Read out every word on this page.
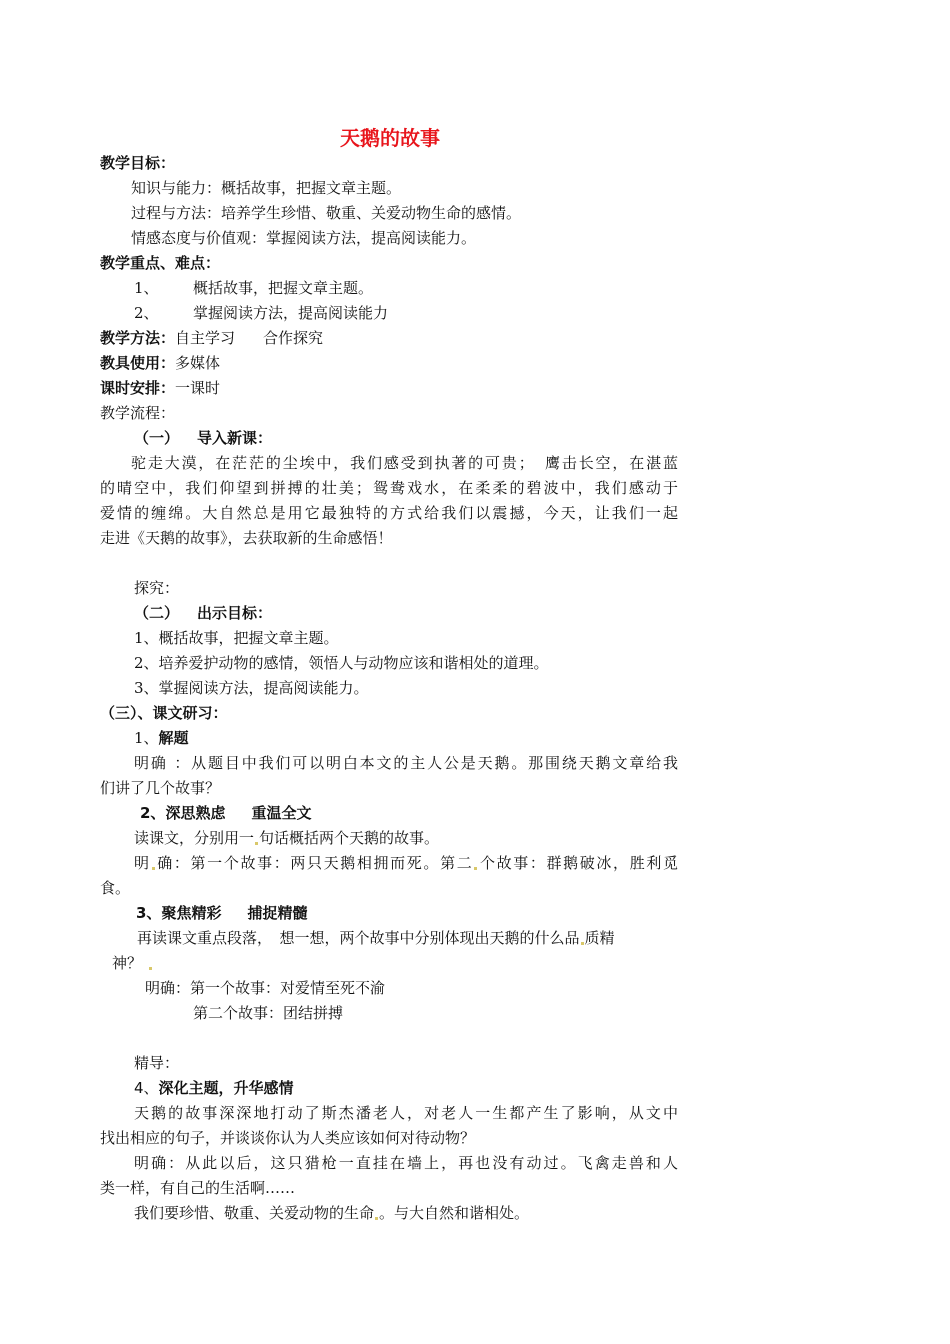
天鹅的故事
教学目标：
知识与能力：概括故事，把握文章主题。
过程与方法：培养学生珍惜、敬重、关爱动物生命的感情。
情感态度与价值观：掌握阅读方法，提高阅读能力。
教学重点、难点：
1、 概括故事，把握文章主题。
2、 掌握阅读方法，提高阅读能力
教学方法：自主学习 合作探究
教具使用：多媒体
课时安排：一课时
教学流程：
（一） 导入新课：
驼走大漠，在茫茫的尘埃中，我们感受到执著的可贵；　鹰击长空，在湛蓝
的晴空中，我们仰望到拼搏的壮美；鸳鸯戏水，在柔柔的碧波中，我们感动于
爱情的缠绵。大自然总是用它最独特的方式给我们以震撼，今天，让我们一起
走进《天鹅的故事》，去获取新的生命感悟！
探究：
（二） 出示目标：
1、概括故事，把握文章主题。
2、培养爱护动物的感情，领悟人与动物应该和谐相处的道理。
3、掌握阅读方法，提高阅读能力。
（三）、课文研习：
1、解题
明确 ：从题目中我们可以明白本文的主人公是天鹅。那围绕天鹅文章给我
们讲了几个故事？
2、深思熟虑 重温全文
读课文，分别用一 句话概括两个天鹅的故事。
明 确：第一个故事：两只天鹅相拥而死。第二 个故事：群鹅破冰，胜利觅
食。
3、聚焦精彩 捕捉精髓
再读课文重点段落，　想一想，两个故事中分别体现出天鹅的什么品 质精
神？
明确：第一个故事：对爱情至死不渝
第二个故事：团结拼搏
精导：
4、深化主题，升华感情
天鹅的故事深深地打动了斯杰潘老人，对老人一生都产生了影响，从文中
找出相应的句子，并谈谈你认为人类应该如何对待动物？
明确：从此以后，这只猎枪一直挂在墙上，再也没有动过。飞禽走兽和人
类一样，有自己的生活啊……
我们要珍惜、敬重、关爱动物的生命 。与大自然和谐相处。
